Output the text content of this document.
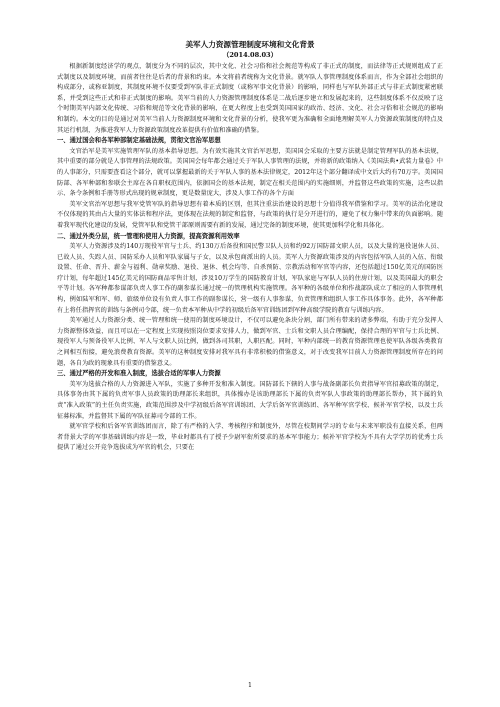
美军人力资源管理制度环境和文化背景
（2014.08.03）

根据新制度经济学的观点，制度分为不同的层次，其中文化、社会习俗和社会规范等构成了非正式的制度，而法律等正式规则组成了正式制度以及制度环境，而前者往往是后者的背景和约束。本文将前者统称为文化背景。就军队人事管理制度体系而言，作为全部社会组织的构成部分，或称亚制度，其制度环境不仅要受到军队非正式制度（或称军事文化背景）的影响，同样也与军队外部正式与非正式制度紧密联系，并受到这些正式和非正式制度的影响。美军当前的人力资源管理制度体系是二战后逐步建立和发展起来的，这些制度体系不仅反映了这个时期美军内部文化传统、习俗和规范等文化背景的影响，在更大程度上也受到美国国家的政治、经济、文化、社会习俗和社会规范的影响和制约。本文的目的是通过对美军当前人力资源制度环境和文化背景的分析，使我军更为准确和全面地理解美军人力资源政策制度的特点及其运行机制，为推进我军人力资源政策制度改革提供有价值和准确的借鉴。

一、通过国会和各军种部制定基础法规，贯彻文官治军思想

文官治军是美军实施管理军队的基本指导思想。为有效实施其文官治军思想，美国国会采取的主要方法就是制定管理军队的基本法规，其中重要的部分就是人事管理的法规政策。美国国会每年都会通过关于军队人事管理的法规，并将新的政策纳入《美国法典•武装力量卷》中的人事部分，只需要查看这个部分，就可以掌握最新的关于军队人事的基本法律规定，2012年这个部分翻译成中文后大约有70万字。美国国防部、各军种部和参联会主席在各自职权范围内，依据国会的基本法规，制定在相关范围内的实施细则，并监督这些政策的实施，这些以指示、条令条例和手册等形式出现的规章制度，更是数量庞大，涉及人事工作的各个方面

美军文官治军思想与我军党管军队的指导思想有着本质的区别，但其注重法治建设的思想十分值得我军借鉴和学习。美军的法治化建设不仅体现的其由占大量的实体法和程序法，更体现在法规的制定和监督，与政策的执行是分开进行的，避免了权力集中带来的负面影响。随着我军现代化建设的发展，党管军队和党管干部原则需要有新的发展，通过完备的制度环境，使其更加科学化和具体化。

二、通过外类分层，统一管理和使用人力资源，提高资源利用效率

美军人力资源涉及约140万现役军官与士兵、约130万后备役和国民警卫队人员和约92万国防部文职人员，以及大量的退役退休人员、已故人员、失踪人员、国防采办人员和军队家属与子女，以及承包商派出的人员。美军人力资源政策涉及的内容包括军队人员的入伍、衔级设置、任命、晋升、薪金与福利、勋章奖励、退役、退休、机会均等、自杀预防、宗教活动和军官等内容，还包括超过150亿美元的国防医疗计划，每年超过145亿美元的国防商品零售计划，涉及10万学生的国防教育计划，军队家庭与军队人员的住房计划，以及美国最大的职会平等计划。各军种都参谋部负责人事工作的副参谋长通过统一的管理机构实施管理。各军种的各级单位和作战部队成立了相应的人事管理机构，例如陆军和军、师、旅级单位设有负责人事工作的副参谋长，营一级有人事参谋，负责管理和组织人事工作具体事务。此外，各军种都有上将任指挥官的训练与条例司令部，统一负责本军种从中学的初级后备军官训练团到军种高级学院的教育与训练内容。

美军通过人力资源分类、统一管理和统一使用的制度环境设计，不仅可以避免条块分割，部门所有带来的诸多弊端，有助于充分发挥人力资源整体效益，而且可以在一定程度上实现按照岗位要求安排人力，做到军官、士兵和文职人员合理编配，保持合理的军官与士兵比例、现役军人与预备役军人比例、军人与文职人员比例，做到各司其职，人职匹配。同时，军种内部统一的教育资源管理也使军队各级各类教育之间相互衔接，避免浪费教育资源。美军的这种制度安排对我军具有非常积极的借鉴意义，对于改变我军目前人力资源管理制度所存在的问题，各自为政的现象具有重要的借鉴意义。

三、通过严格的开发和准入制度，选拔合适的军事人力资源

美军为选拔合格的人力资源进入军队，实施了多种开发和准入制度。国防部长下辖的人事与战备副部长负责指导军官招募政策的制定，具体事务由其下属的负责军事人员政策的助理部长来组织，具体操办是该助理部长下属的负责军队人事政策的助理部长帮办，其下属的负责“准入政策”的主任负责实施，政策范围涉及中学初级后备军官训练团、大学后备军官训练团、各军种军官学校、候补军官学校，以及士兵征募标准，并监督其下属的军队征募司令部的工作。

就军官学校和后备军官训练团而言，除了有严格的入学、考核程序和制度外，尽管在校期间学习的专业与未来军职没有直接关系，但两者背景大学的军事基础训练内容是一致，毕业时都具有了授予少尉军衔所要求的基本军事能力；候补军官学校为不具有大学学历的优秀士兵提供了通过公开竞争选拔成为军官的机会，只要在

1
